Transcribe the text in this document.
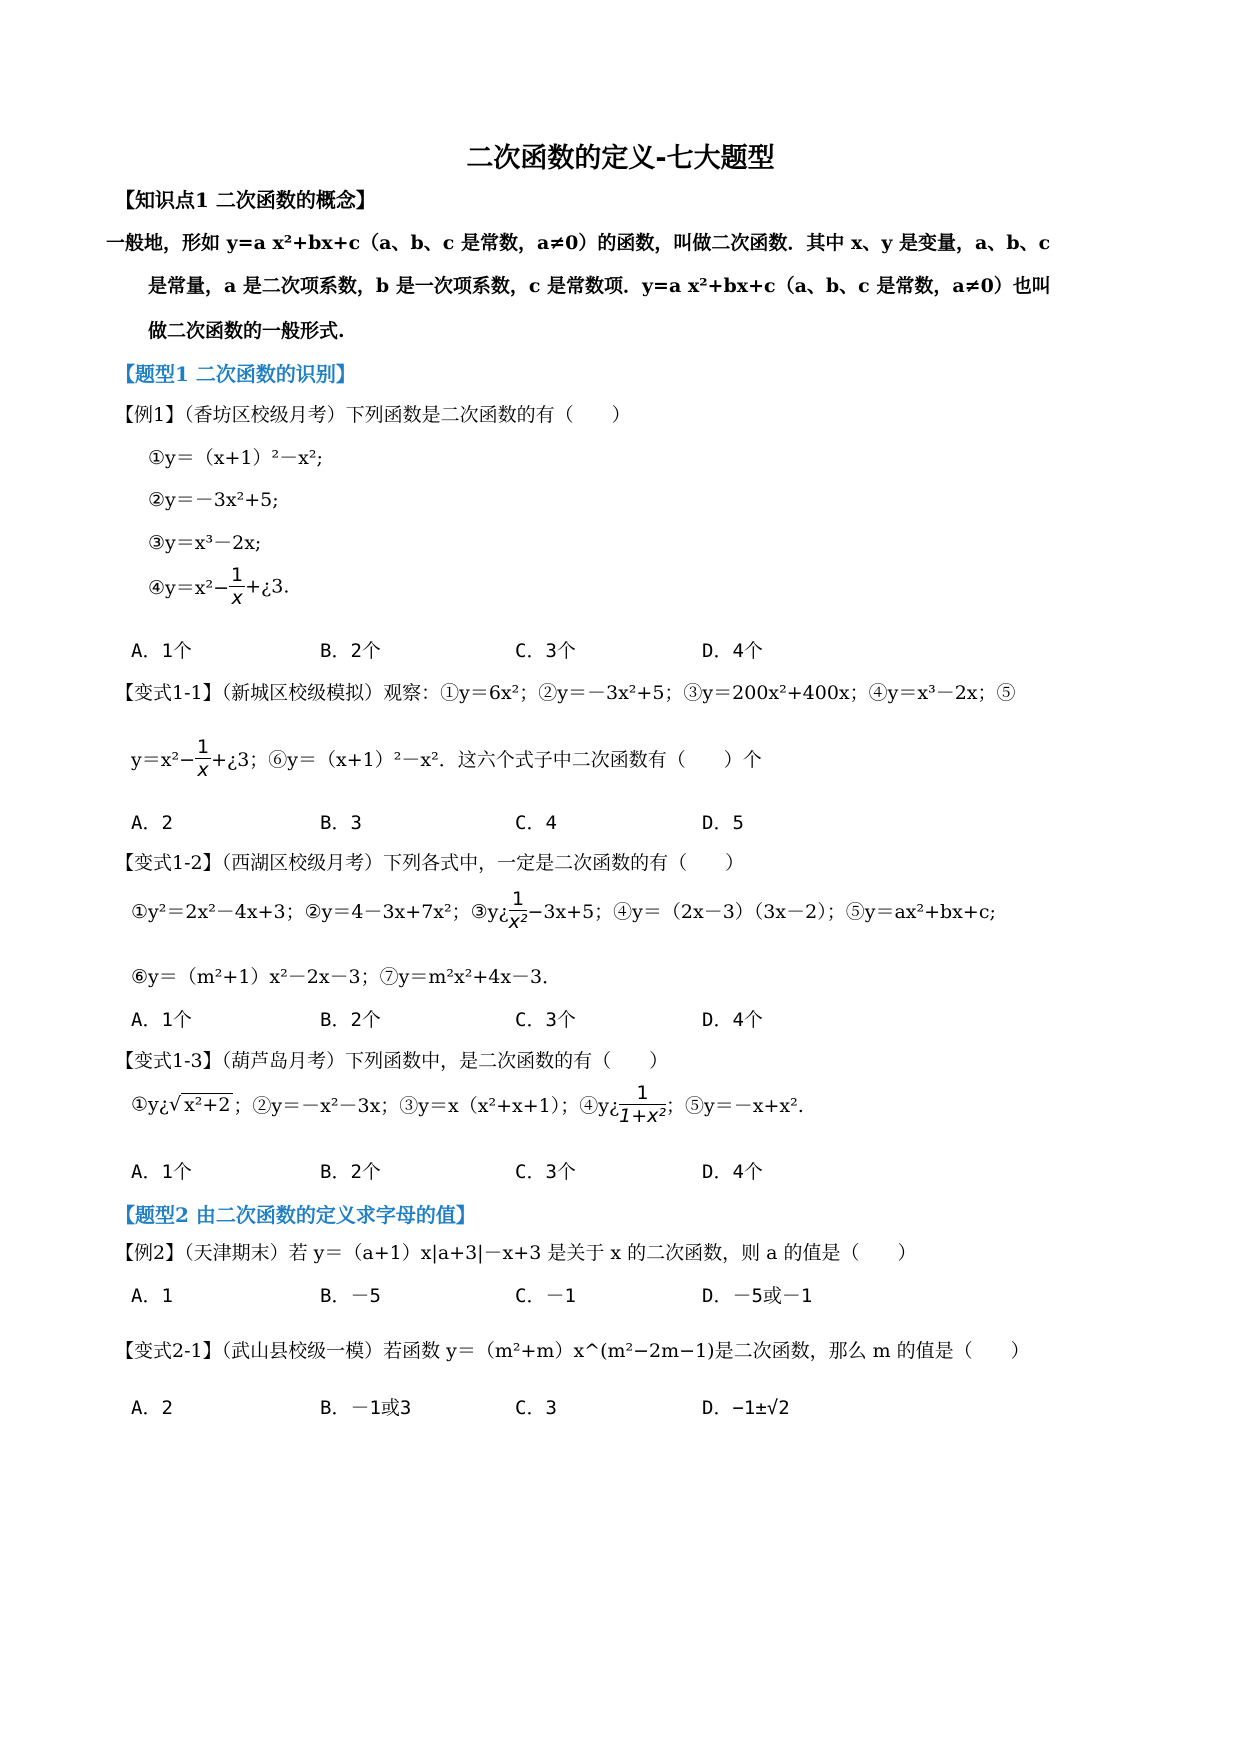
二次函数的定义-七大题型
【知识点1 二次函数的概念】
一般地，形如 y=a x²+bx+c（a、b、c 是常数，a≠0）的函数，叫做二次函数．其中 x、y 是变量，a、b、c
是常量，a 是二次项系数，b 是一次项系数，c 是常数项．y=a x²+bx+c（a、b、c 是常数，a≠0）也叫
做二次函数的一般形式.
【题型1 二次函数的识别】
【例1】（香坊区校级月考）下列函数是二次函数的有（　　）
①y＝（x+1）²－x²;
②y＝－3x²+5;
③y＝x³－2x;
④y＝x²− $\frac{1}{x}$ +¿3.
A．1个	B．2个	C．3个	D．4个
【变式1-1】（新城区校级模拟）观察：①y＝6x²；②y＝－3x²+5；③y＝200x²+400x；④y＝x³－2x；⑤
$y=x^2- \frac{1}{x}$ +¿3；⑥y＝（x+1）²－x²．这六个式子中二次函数有（　　）个
A．2	B．3	C．4	D．5
【变式1-2】（西湖区校级月考）下列各式中，一定是二次函数的有（　　）
①y²＝2x²－4x+3；②y＝4－3x+7x²；③y¿ $\frac{1}{\text{x²}} -3x+5$；④y＝（2x－3）（3x－2）；⑤y＝ax²+bx+c;
⑥y＝（m²+1）x²－2x－3；⑦y＝m²x²+4x－3．
A．1个	B．2个	C．3个	D．4个
【变式1-3】（葫芦岛月考）下列函数中，是二次函数的有（　　）
①y¿√ x²+2 ；②y＝－x²－3x；③y＝x（x²+x+1）；④y¿ $\frac{1}{\text{1+x²}}$ ；⑤y＝－x+x².
A．1个	B．2个	C．3个	D．4个
【题型2 由二次函数的定义求字母的值】
【例2】（天津期末）若 y＝（a+1）x|a+3|－x+3 是关于 x 的二次函数，则 a 的值是（　　）
A．1	B．－5	C．－1	D．－5或－1
【变式2-1】（武山县校级一模）若函数 y＝（m²+m）x^(m²−2m−1)是二次函数，那么 m 的值是（　　）
A．2	B．－1或3	C．3	D．−1±√2
